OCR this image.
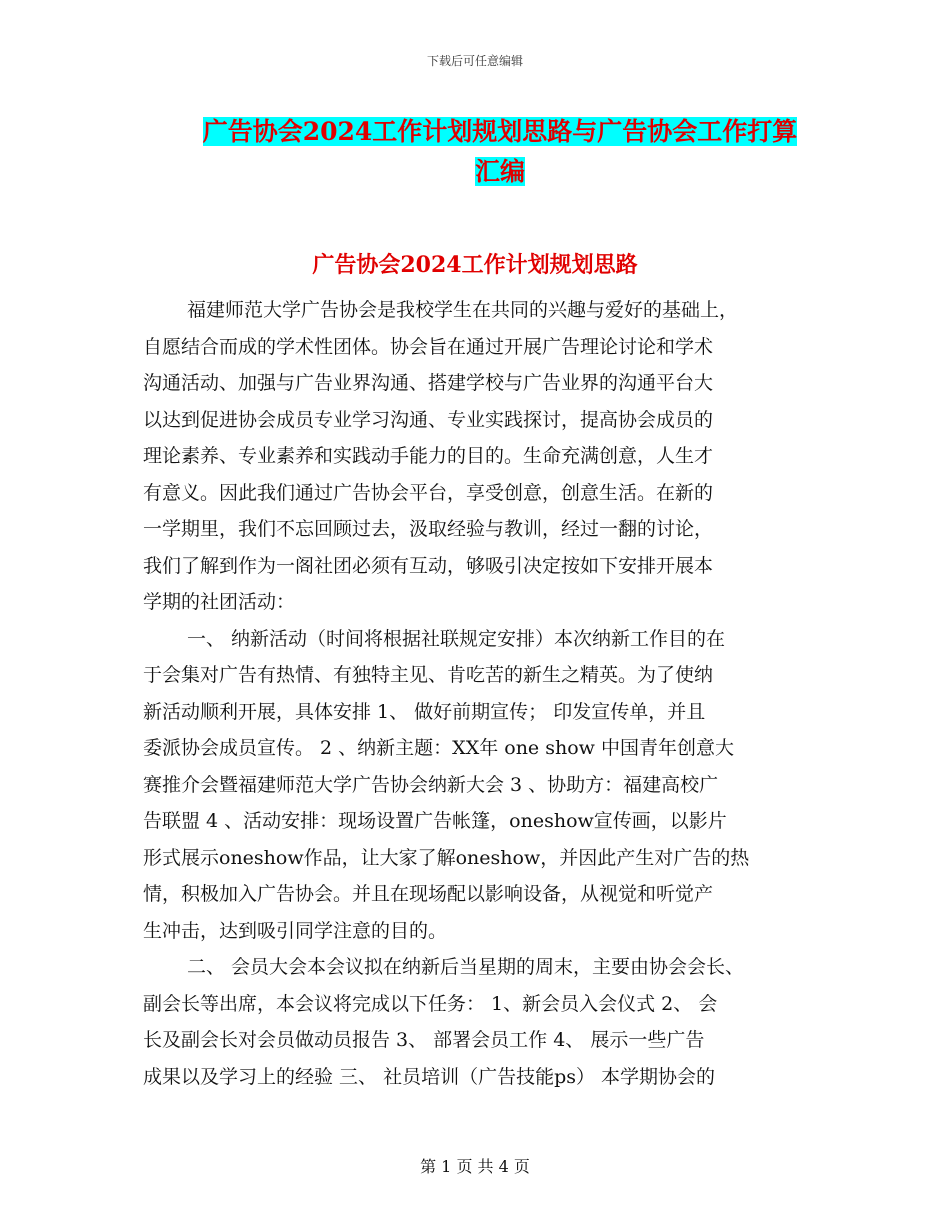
下载后可任意编辑
广告协会2024工作计划规划思路与广告协会工作打算
汇编
广告协会2024工作计划规划思路
福建师范大学广告协会是我校学生在共同的兴趣与爱好的基础上，
自愿结合而成的学术性团体。协会旨在通过开展广告理论讨论和学术
沟通活动、加强与广告业界沟通、搭建学校与广告业界的沟通平台大
以达到促进协会成员专业学习沟通、专业实践探讨，提高协会成员的
理论素养、专业素养和实践动手能力的目的。生命充满创意，人生才
有意义。因此我们通过广告协会平台，享受创意，创意生活。在新的
一学期里，我们不忘回顾过去，汲取经验与教训，经过一翻的讨论，
我们了解到作为一阁社团必须有互动，够吸引决定按如下安排开展本
学期的社团活动：
一、 纳新活动（时间将根据社联规定安排）本次纳新工作目的在
于会集对广告有热情、有独特主见、肯吃苦的新生之精英。为了使纳
新活动顺利开展，具体安排 1、 做好前期宣传； 印发宣传单，并且
委派协会成员宣传。 2 、纳新主题：XX年 one show 中国青年创意大
赛推介会暨福建师范大学广告协会纳新大会 3 、协助方：福建高校广
告联盟 4 、活动安排：现场设置广告帐篷，oneshow宣传画，以影片
形式展示oneshow作品，让大家了解oneshow，并因此产生对广告的热
情，积极加入广告协会。并且在现场配以影响设备，从视觉和听觉产
生冲击，达到吸引同学注意的目的。
二、 会员大会本会议拟在纳新后当星期的周末，主要由协会会长、
副会长等出席，本会议将完成以下任务： 1、新会员入会仪式 2、 会
长及副会长对会员做动员报告 3、 部署会员工作 4、 展示一些广告
成果以及学习上的经验 三、 社员培训（广告技能ps） 本学期协会的
第 1 页 共 4 页
